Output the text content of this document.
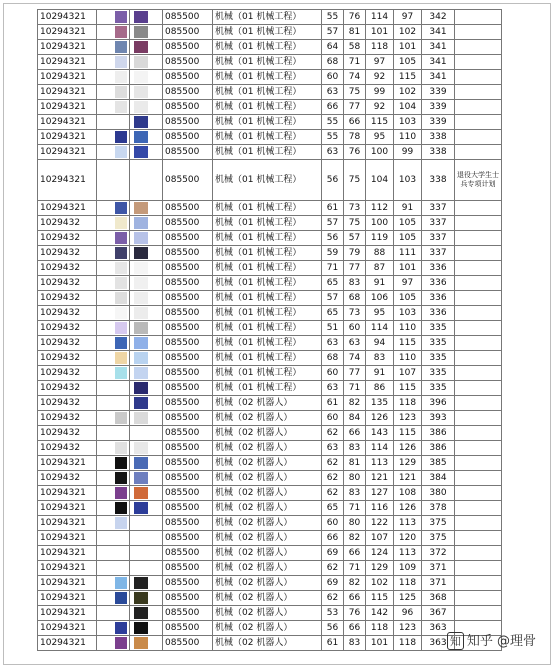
10294321			085500	机械（01 机械工程）	55	76	114	97	342	
10294321			085500	机械（01 机械工程）	57	81	101	102	341	
10294321			085500	机械（01 机械工程）	64	58	118	101	341	
10294321			085500	机械（01 机械工程）	68	71	97	105	341	
10294321			085500	机械（01 机械工程）	60	74	92	115	341	
10294321			085500	机械（01 机械工程）	63	75	99	102	339	
10294321			085500	机械（01 机械工程）	66	77	92	104	339	
10294321			085500	机械（01 机械工程）	55	66	115	103	339	
10294321			085500	机械（01 机械工程）	55	78	95	110	338	
10294321			085500	机械（01 机械工程）	63	76	100	99	338	
10294321			085500	机械（01 机械工程）	56	75	104	103	338	退役大学生士兵专项计划
10294321			085500	机械（01 机械工程）	61	73	112	91	337	
1029432			085500	机械（01 机械工程）	57	75	100	105	337	
1029432			085500	机械（01 机械工程）	56	57	119	105	337	
1029432			085500	机械（01 机械工程）	59	79	88	111	337	
1029432			085500	机械（01 机械工程）	71	77	87	101	336	
1029432			085500	机械（01 机械工程）	65	83	91	97	336	
1029432			085500	机械（01 机械工程）	57	68	106	105	336	
1029432			085500	机械（01 机械工程）	65	73	95	103	336	
1029432			085500	机械（01 机械工程）	51	60	114	110	335	
1029432			085500	机械（01 机械工程）	63	63	94	115	335	
1029432			085500	机械（01 机械工程）	68	74	83	110	335	
1029432			085500	机械（01 机械工程）	60	77	91	107	335	
1029432			085500	机械（01 机械工程）	63	71	86	115	335	
1029432			085500	机械（02 机器人）	61	82	135	118	396	
1029432			085500	机械（02 机器人）	60	84	126	123	393	
1029432			085500	机械（02 机器人）	62	66	143	115	386	
1029432			085500	机械（02 机器人）	63	83	114	126	386	
10294321			085500	机械（02 机器人）	62	81	113	129	385	
1029432			085500	机械（02 机器人）	62	80	121	121	384	
10294321			085500	机械（02 机器人）	62	83	127	108	380	
10294321			085500	机械（02 机器人）	65	71	116	126	378	
10294321			085500	机械（02 机器人）	60	80	122	113	375	
10294321			085500	机械（02 机器人）	66	82	107	120	375	
10294321			085500	机械（02 机器人）	69	66	124	113	372	
10294321			085500	机械（02 机器人）	62	71	129	109	371	
10294321			085500	机械（02 机器人）	69	82	102	118	371	
10294321			085500	机械（02 机器人）	62	66	115	125	368	
10294321			085500	机械（02 机器人）	53	76	142	96	367	
10294321			085500	机械（02 机器人）	56	66	118	123	363	
10294321			085500	机械（02 机器人）	61	83	101	118	363	知 知乎 @理骨
